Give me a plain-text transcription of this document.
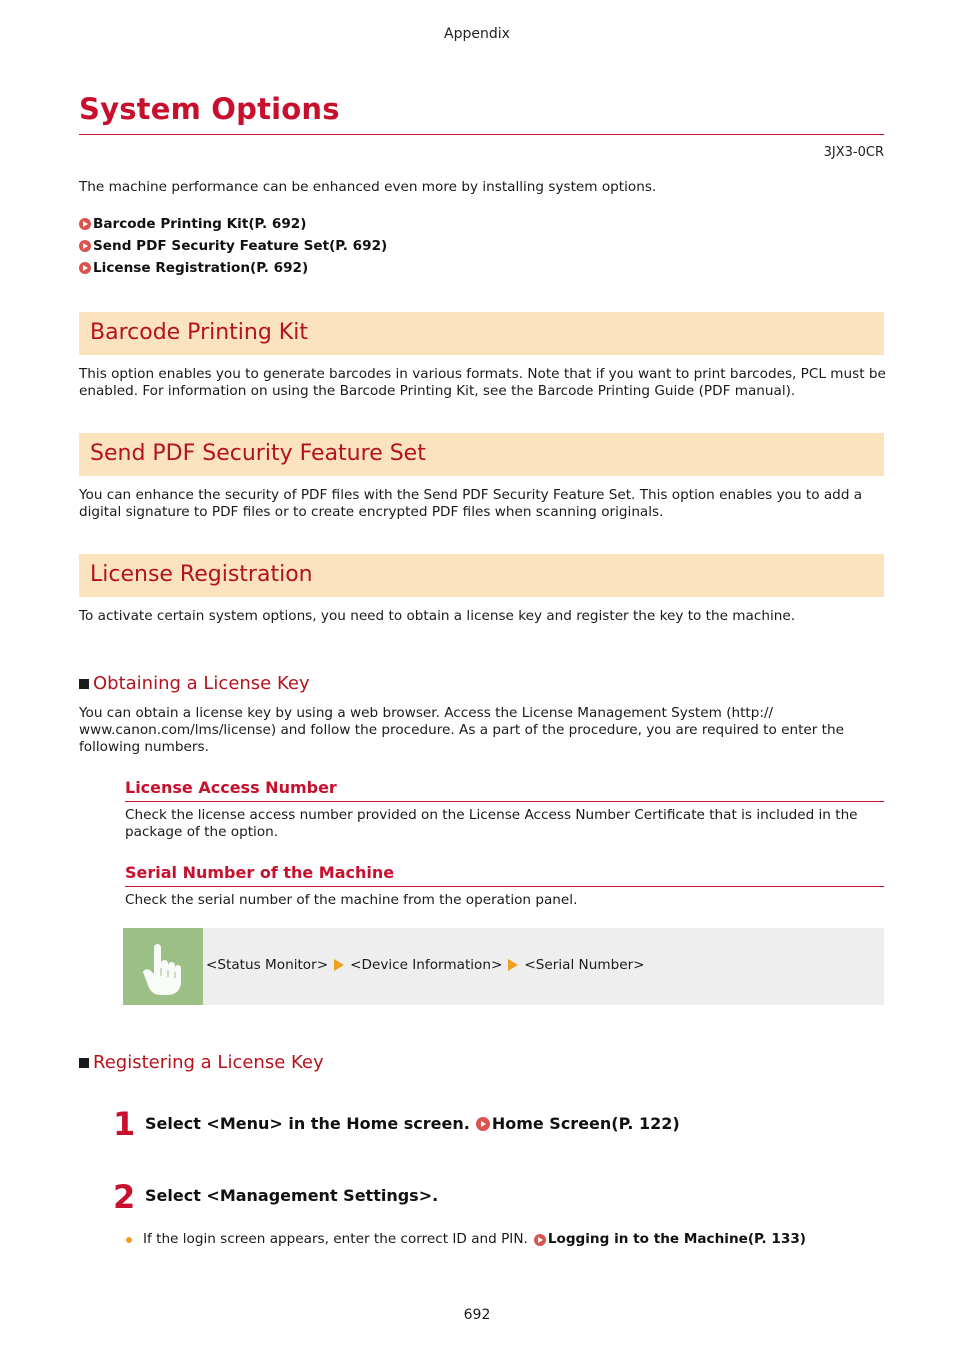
Appendix
System Options
3JX3-0CR
The machine performance can be enhanced even more by installing system options.
Barcode Printing Kit(P. 692)
Send PDF Security Feature Set(P. 692)
License Registration(P. 692)
Barcode Printing Kit
This option enables you to generate barcodes in various formats. Note that if you want to print barcodes, PCL must be
enabled. For information on using the Barcode Printing Kit, see the Barcode Printing Guide (PDF manual).
Send PDF Security Feature Set
You can enhance the security of PDF files with the Send PDF Security Feature Set. This option enables you to add a
digital signature to PDF files or to create encrypted PDF files when scanning originals.
License Registration
To activate certain system options, you need to obtain a license key and register the key to the machine.
Obtaining a License Key
You can obtain a license key by using a web browser. Access the License Management System (http://
www.canon.com/lms/license) and follow the procedure. As a part of the procedure, you are required to enter the
following numbers.
License Access Number
Check the license access number provided on the License Access Number Certificate that is included in the
package of the option.
Serial Number of the Machine
Check the serial number of the machine from the operation panel.
<Status Monitor> <Device Information> <Serial Number>
Registering a License Key
1 Select <Menu> in the Home screen. Home Screen(P. 122)
2 Select <Management Settings>.
If the login screen appears, enter the correct ID and PIN. Logging in to the Machine(P. 133)
692
